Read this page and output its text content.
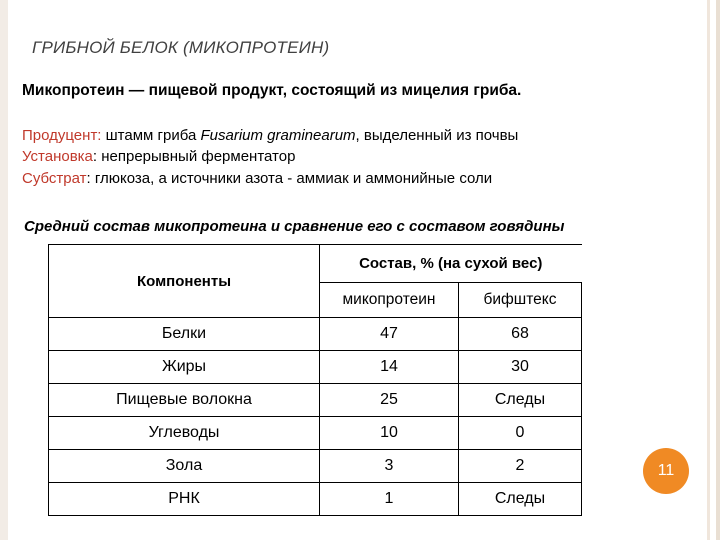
ГРИБНОЙ БЕЛОК (МИКОПРОТЕИН)
Микопротеин — пищевой продукт, состоящий из мицелия гриба.
Продуцент: штамм гриба Fusarium graminearum, выделенный из почвы
Установка: непрерывный ферментатор
Субстрат: глюкоза, а источники азота - аммиак и аммонийные соли
Средний состав микопротеина и сравнение его с составом говядины
Компоненты	Состав, % (на сухой вес)	
	микопротеин	бифштекс
Белки	47	68
Жиры	14	30
Пищевые волокна	25	Следы
Углеводы	10	0
Зола	3	2
РНК	1	Следы
11
